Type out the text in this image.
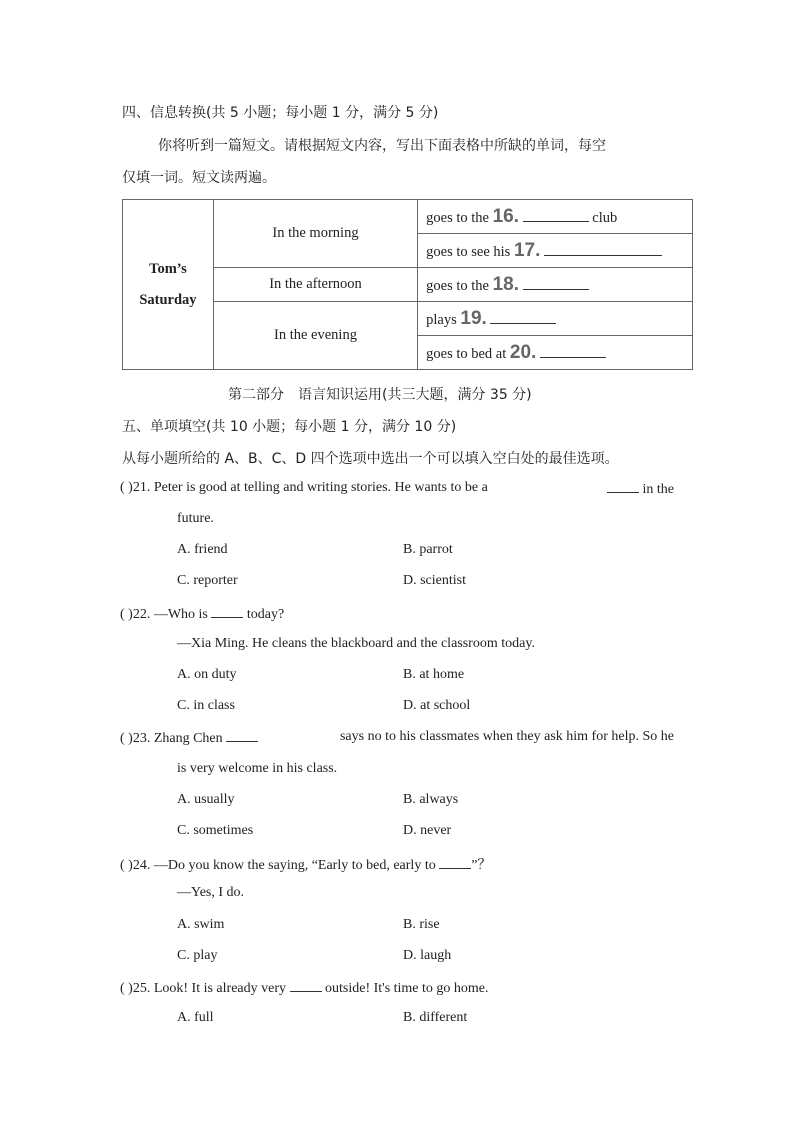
四、信息转换(共 5 小题；每小题 1 分，满分 5 分)
你将听到一篇短文。请根据短文内容，写出下面表格中所缺的单词，每空
仅填一词。短文读两遍。
Tom’s
Saturday	In the morning	goes to the 16. club
		goes to see his 17.
	In the afternoon	goes to the 18.
	In the evening	plays 19.
		goes to bed at 20.
第二部分　语言知识运用(共三大题，满分 35 分)
五、单项填空(共 10 小题；每小题 1 分，满分 10 分)
从每小题所给的 A、B、C、D 四个选项中选出一个可以填入空白处的最佳选项。
( )21. Peter is good at telling and writing stories. He wants to be a	in the
future.
A. friend	B. parrot
C. reporter	D. scientist
( )22. —Who is	today?
—Xia Ming. He cleans the blackboard and the classroom today.
A. on duty	B. at home
C. in class	D. at school
( )23. Zhang Chen	says no to his classmates when they ask him for help. So he
is very welcome in his class.
A. usually	B. always
C. sometimes	D. never
( )24. —Do you know the saying, “Early to bed, early to	”？
—Yes, I do.
A. swim	B. rise
C. play	D. laugh
( )25. Look! It is already very	outside! It's time to go home.
A. full	B. different
